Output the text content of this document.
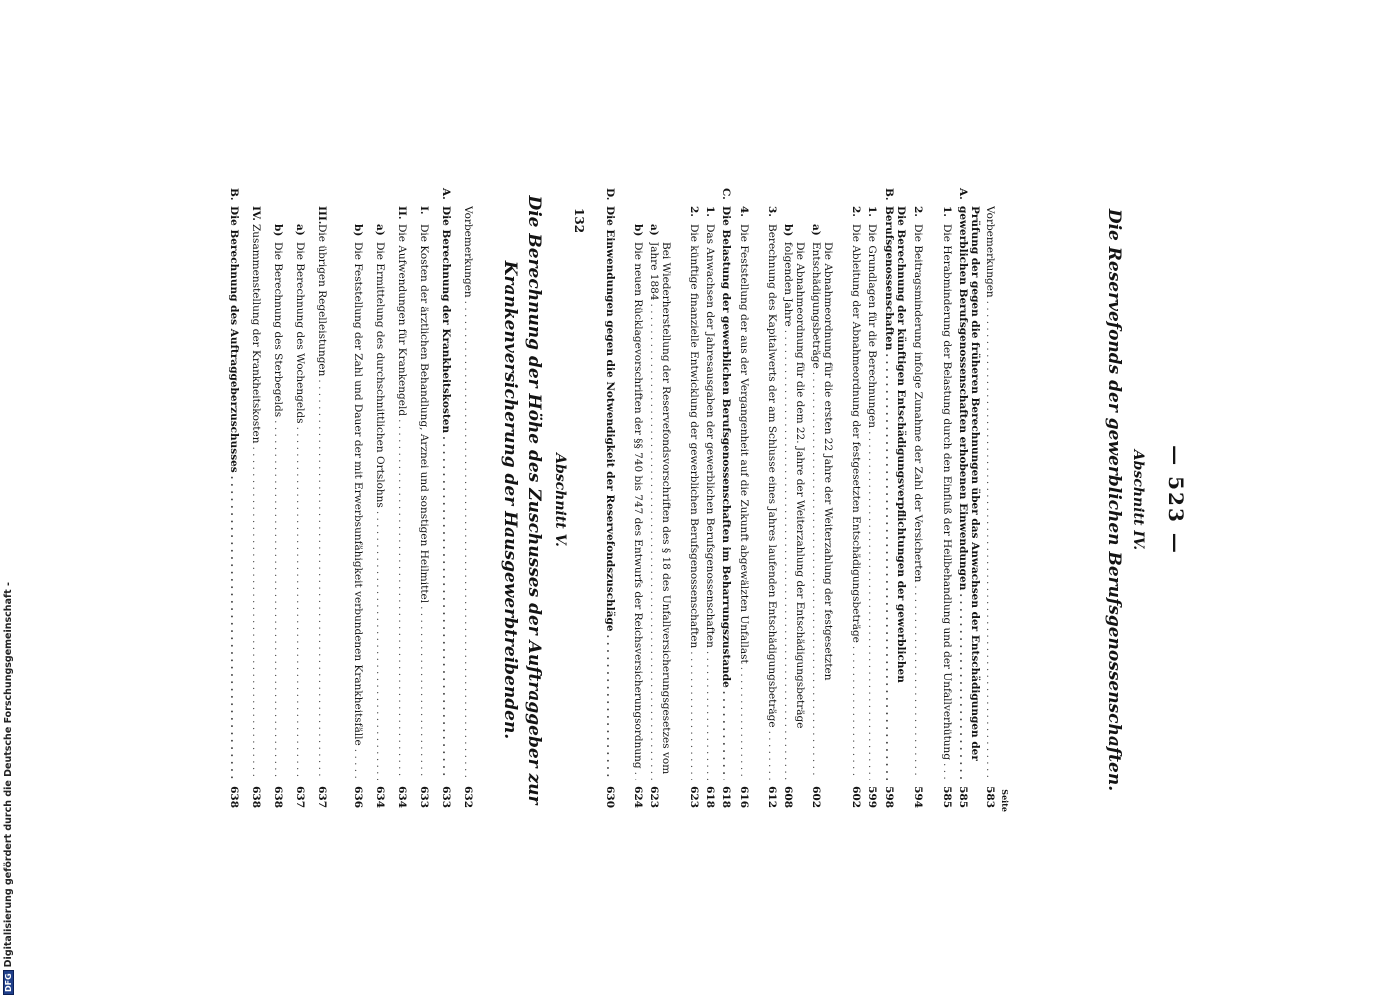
— 523 —
Abschnitt IV.
Die Reservefonds der gewerblichen Berufsgenossenschaften.
Seite
Vorbemerkungen . . .
583
A.
Prüfung der gegen die früheren Berechnungen über das Anwachsen der Entschädigungen der gewerblichen Berufsgenossenschaften erhobenen Einwendungen . . .
585
1.
Die Herabminderung der Belastung durch den Einfluß der Heilbehandlung und der Unfallverhütung . . .
585
2.
Die Beitragsminderung infolge Zunahme der Zahl der Versicherten . . .
594
B.
Die Berechnung der künftigen Entschädigungsverpflichtungen der gewerblichen Berufsgenossenschaften . . .
598
1.
Die Grundlagen für die Berechnungen . . .
599
2.
Die Ableitung der Abnahmeordnung der festgesetzten Entschädigungsbeträge . . .
602
a)
Die Abnahmeordnung für die ersten 22 Jahre der Weiterzahlung der festgesetzten Entschädigungsbeträge . . .
602
b)
Die Abnahmeordnung für die dem 22. Jahre der Weiterzahlung der Entschädigungsbeträge folgenden Jahre . . .
608
3.
Berechnung des Kapitalwerts der am Schlusse eines Jahres laufenden Entschädigungsbeträge . . .
612
4.
Die Feststellung der aus der Vergangenheit auf die Zukunft abgewälzten Unfallast . . .
616
C.
Die Belastung der gewerblichen Berufsgenossenschaften im Beharrungszustande . . .
618
1.
Das Anwachsen der Jahresausgaben der gewerblichen Berufsgenossenschaften . . .
618
2.
Die künftige finanzielle Entwicklung der gewerblichen Berufsgenossenschaften . . .
623
a)
Bei Wiederherstellung der Reservefondsvorschriften des § 18 des Unfallversicherungsgesetzes vom Jahre 1884 . . .
623
b)
Die neuen Rücklagevorschriften der §§ 740 bis 747 des Entwurfs der Reichsversicherungsordnung . . .
624
D.
Die Einwendungen gegen die Notwendigkeit der Reservefondszuschläge . . .
630
132
Abschnitt V.
Die Berechnung der Höhe des Zuschusses der Auftraggeber zur Krankenversicherung der Hausgewerbtreibenden.
Vorbemerkungen . . .
632
A.
Die Berechnung der Krankheitskosten . . .
633
I.
Die Kosten der ärztlichen Behandlung, Arznei und sonstigen Heilmittel . . .
633
II.
Die Aufwendungen für Krankengeld . . .
634
a)
Die Ermittelung des durchschnittlichen Ortslohns . . .
634
b)
Die Feststellung der Zahl und Dauer der mit Erwerbsunfähigkeit verbundenen Krankheitsfälle . . .
636
III.
Die übrigen Regelleistungen . . .
637
a)
Die Berechnung des Wochengelds . . .
637
b)
Die Berechnung des Sterbegelds . . .
638
IV.
Zusammenstellung der Krankheitskosten . . .
638
B.
Die Berechnung des Auftraggeberzuschusses . . .
638
DFG
Digitalisierung gefördert durch die Deutsche Forschungsgemeinschaft -
